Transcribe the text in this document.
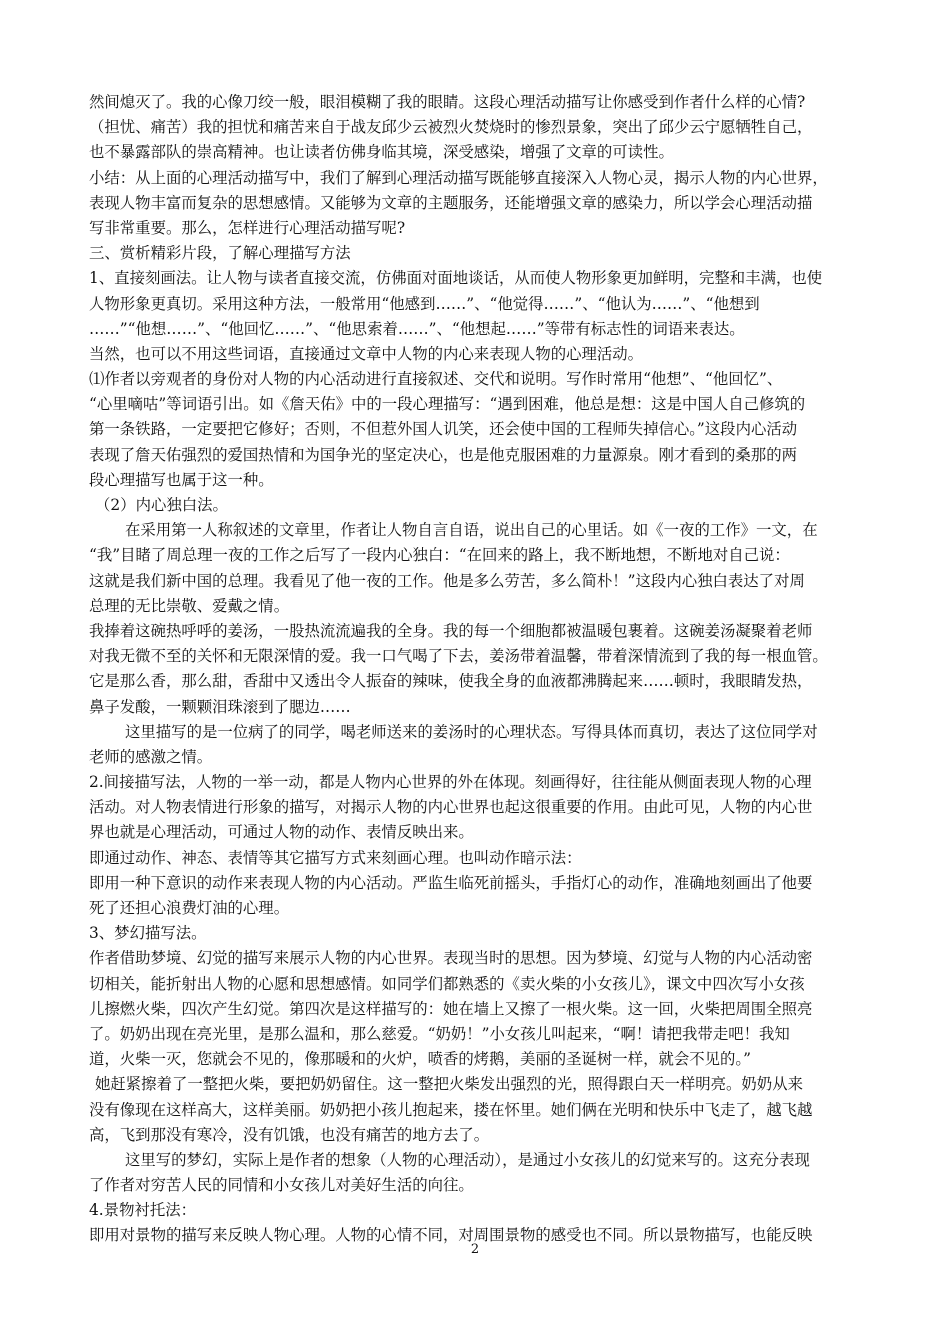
然间熄灭了。我的心像刀绞一般，眼泪模糊了我的眼睛。这段心理活动描写让你感受到作者什么样的心情?
（担忧、痛苦）我的担忧和痛苦来自于战友邱少云被烈火焚烧时的惨烈景象，突出了邱少云宁愿牺牲自己，
也不暴露部队的崇高精神。也让读者仿佛身临其境，深受感染，增强了文章的可读性。
小结：从上面的心理活动描写中，我们了解到心理活动描写既能够直接深入人物心灵，揭示人物的内心世界，
表现人物丰富而复杂的思想感情。又能够为文章的主题服务，还能增强文章的感染力，所以学会心理活动描
写非常重要。那么，怎样进行心理活动描写呢?
三、赏析精彩片段，了解心理描写方法
1、直接刻画法。让人物与读者直接交流，仿佛面对面地谈话，从而使人物形象更加鲜明，完整和丰满，也使
人物形象更真切。采用这种方法，一般常用“他感到……”、“他觉得……”、“他认为……”、“他想到
……”“他想……”、“他回忆……”、“他思索着……”、“他想起……”等带有标志性的词语来表达。
当然，也可以不用这些词语，直接通过文章中人物的内心来表现人物的心理活动。
⑴作者以旁观者的身份对人物的内心活动进行直接叙述、交代和说明。写作时常用“他想”、“他回忆”、
“心里嘀咕”等词语引出。如《詹天佑》中的一段心理描写：“遇到困难，他总是想：这是中国人自己修筑的
第一条铁路，一定要把它修好；否则，不但惹外国人讥笑，还会使中国的工程师失掉信心。”这段内心活动
表现了詹天佑强烈的爱国热情和为国争光的坚定决心，也是他克服困难的力量源泉。刚才看到的桑那的两
段心理描写也属于这一种。
（2）内心独白法。
在采用第一人称叙述的文章里，作者让人物自言自语，说出自己的心里话。如《一夜的工作》一文，在
“我”目睹了周总理一夜的工作之后写了一段内心独白：“在回来的路上，我不断地想，不断地对自己说：
这就是我们新中国的总理。我看见了他一夜的工作。他是多么劳苦，多么简朴！”这段内心独白表达了对周
总理的无比崇敬、爱戴之情。
我捧着这碗热呼呼的姜汤，一股热流流遍我的全身。我的每一个细胞都被温暖包裹着。这碗姜汤凝聚着老师
对我无微不至的关怀和无限深情的爱。我一口气喝了下去，姜汤带着温馨，带着深情流到了我的每一根血管。
它是那么香，那么甜，香甜中又透出令人振奋的辣味，使我全身的血液都沸腾起来……顿时，我眼睛发热，
鼻子发酸，一颗颗泪珠滚到了腮边……
这里描写的是一位病了的同学，喝老师送来的姜汤时的心理状态。写得具体而真切，表达了这位同学对
老师的感激之情。
2.间接描写法，人物的一举一动，都是人物内心世界的外在体现。刻画得好，往往能从侧面表现人物的心理
活动。对人物表情进行形象的描写，对揭示人物的内心世界也起这很重要的作用。由此可见，人物的内心世
界也就是心理活动，可通过人物的动作、表情反映出来。
即通过动作、神态、表情等其它描写方式来刻画心理。也叫动作暗示法：
即用一种下意识的动作来表现人物的内心活动。严监生临死前摇头，手指灯心的动作，准确地刻画出了他要
死了还担心浪费灯油的心理。
3、梦幻描写法。
作者借助梦境、幻觉的描写来展示人物的内心世界。表现当时的思想。因为梦境、幻觉与人物的内心活动密
切相关，能折射出人物的心愿和思想感情。如同学们都熟悉的《卖火柴的小女孩儿》，课文中四次写小女孩
儿擦燃火柴，四次产生幻觉。第四次是这样描写的：她在墙上又擦了一根火柴。这一回，火柴把周围全照亮
了。奶奶出现在亮光里，是那么温和，那么慈爱。“奶奶！”小女孩儿叫起来，“啊！请把我带走吧！我知
道，火柴一灭，您就会不见的，像那暖和的火炉，喷香的烤鹅，美丽的圣诞树一样，就会不见的。”
她赶紧擦着了一整把火柴，要把奶奶留住。这一整把火柴发出强烈的光，照得跟白天一样明亮。奶奶从来
没有像现在这样高大，这样美丽。奶奶把小孩儿抱起来，搂在怀里。她们俩在光明和快乐中飞走了，越飞越
高，飞到那没有寒冷，没有饥饿，也没有痛苦的地方去了。
这里写的梦幻，实际上是作者的想象（人物的心理活动），是通过小女孩儿的幻觉来写的。这充分表现
了作者对穷苦人民的同情和小女孩儿对美好生活的向往。
4.景物衬托法：
即用对景物的描写来反映人物心理。人物的心情不同，对周围景物的感受也不同。所以景物描写，也能反映
2
